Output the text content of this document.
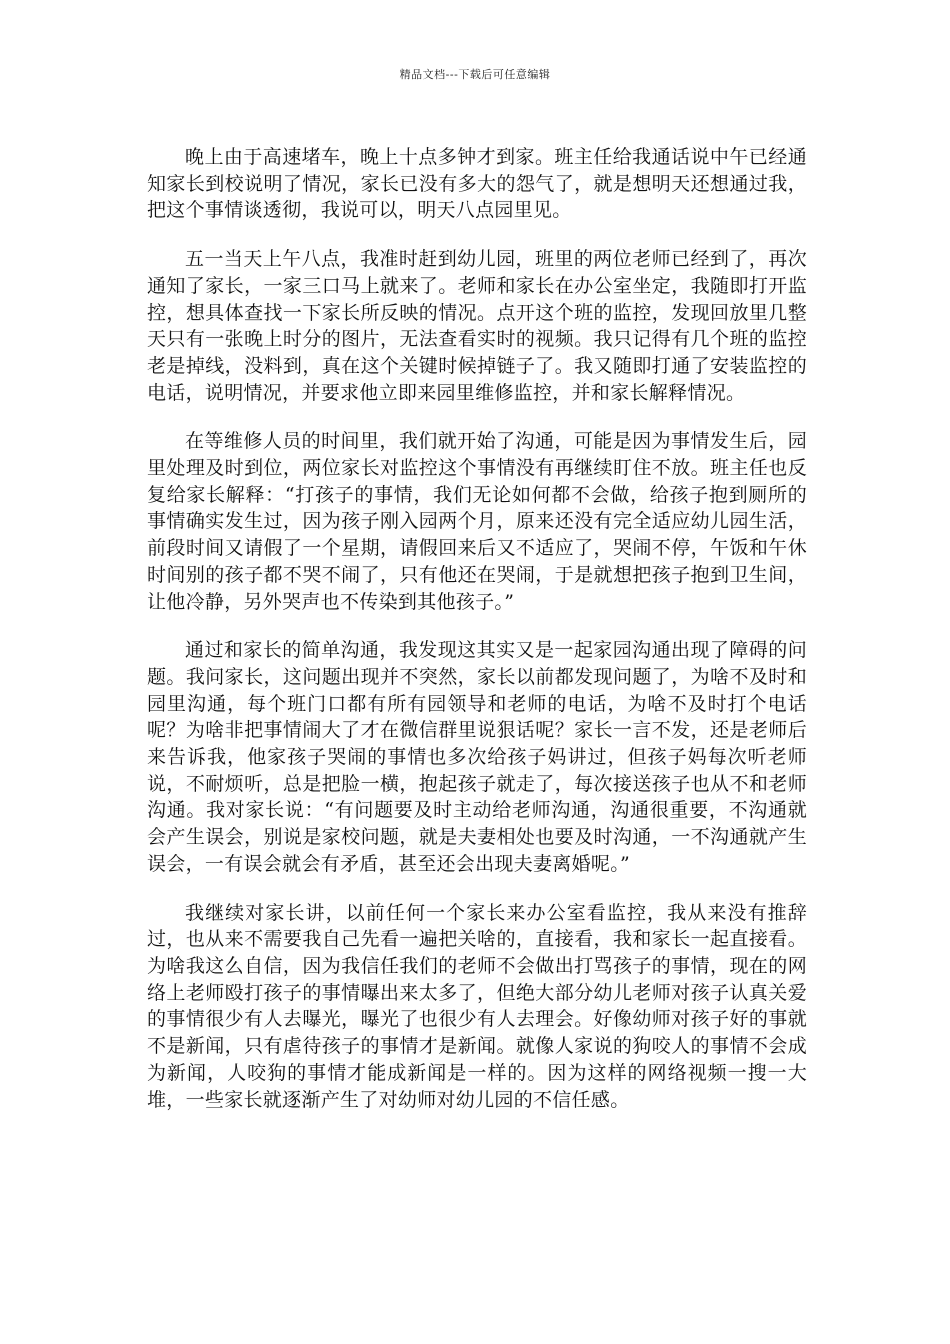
精品文档---下载后可任意编辑

晚上由于高速堵车，晚上十点多钟才到家。班主任给我通话说中午已经通知家长到校说明了情况，家长已没有多大的怨气了，就是想明天还想通过我，把这个事情谈透彻，我说可以，明天八点园里见。

五一当天上午八点，我准时赶到幼儿园，班里的两位老师已经到了，再次通知了家长，一家三口马上就来了。老师和家长在办公室坐定，我随即打开监控，想具体查找一下家长所反映的情况。点开这个班的监控，发现回放里几整天只有一张晚上时分的图片，无法查看实时的视频。我只记得有几个班的监控老是掉线，没料到，真在这个关键时候掉链子了。我又随即打通了安装监控的电话，说明情况，并要求他立即来园里维修监控，并和家长解释情况。

在等维修人员的时间里，我们就开始了沟通，可能是因为事情发生后，园里处理及时到位，两位家长对监控这个事情没有再继续盯住不放。班主任也反复给家长解释：“打孩子的事情，我们无论如何都不会做，给孩子抱到厕所的事情确实发生过，因为孩子刚入园两个月，原来还没有完全适应幼儿园生活，前段时间又请假了一个星期，请假回来后又不适应了，哭闹不停，午饭和午休时间别的孩子都不哭不闹了，只有他还在哭闹，于是就想把孩子抱到卫生间，让他冷静，另外哭声也不传染到其他孩子。”

通过和家长的简单沟通，我发现这其实又是一起家园沟通出现了障碍的问题。我问家长，这问题出现并不突然，家长以前都发现问题了，为啥不及时和园里沟通，每个班门口都有所有园领导和老师的电话，为啥不及时打个电话呢？为啥非把事情闹大了才在微信群里说狠话呢？家长一言不发，还是老师后来告诉我，他家孩子哭闹的事情也多次给孩子妈讲过，但孩子妈每次听老师说，不耐烦听，总是把脸一横，抱起孩子就走了，每次接送孩子也从不和老师沟通。我对家长说：“有问题要及时主动给老师沟通，沟通很重要，不沟通就会产生误会，别说是家校问题，就是夫妻相处也要及时沟通，一不沟通就产生误会，一有误会就会有矛盾，甚至还会出现夫妻离婚呢。”

我继续对家长讲，以前任何一个家长来办公室看监控，我从来没有推辞过，也从来不需要我自己先看一遍把关啥的，直接看，我和家长一起直接看。为啥我这么自信，因为我信任我们的老师不会做出打骂孩子的事情，现在的网络上老师殴打孩子的事情曝出来太多了，但绝大部分幼儿老师对孩子认真关爱的事情很少有人去曝光，曝光了也很少有人去理会。好像幼师对孩子好的事就不是新闻，只有虐待孩子的事情才是新闻。就像人家说的狗咬人的事情不会成为新闻，人咬狗的事情才能成新闻是一样的。因为这样的网络视频一搜一大堆，一些家长就逐渐产生了对幼师对幼儿园的不信任感。
